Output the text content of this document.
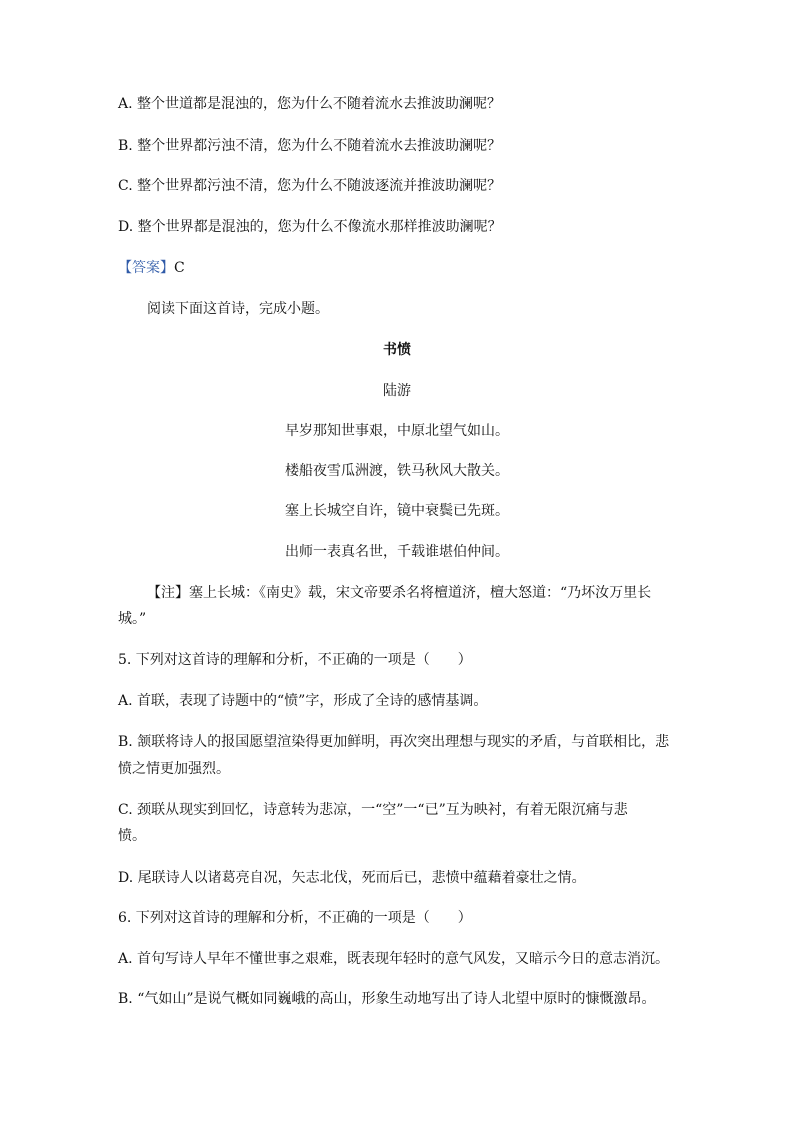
A. 整个世道都是混浊的，您为什么不随着流水去推波助澜呢？
B. 整个世界都污浊不清，您为什么不随着流水去推波助澜呢？
C. 整个世界都污浊不清，您为什么不随波逐流并推波助澜呢？
D. 整个世界都是混浊的，您为什么不像流水那样推波助澜呢？
【答案】C
阅读下面这首诗，完成小题。
书愤
陆游
早岁那知世事艰，中原北望气如山。
楼船夜雪瓜洲渡，铁马秋风大散关。
塞上长城空自许，镜中衰鬓已先斑。
出师一表真名世，千载谁堪伯仲间。
【注】塞上长城：《南史》载，宋文帝要杀名将檀道济，檀大怒道：“乃坏汝万里长
城。”
5. 下列对这首诗的理解和分析，不正确的一项是（　　）
A. 首联，表现了诗题中的“愤”字，形成了全诗的感情基调。
B. 颔联将诗人的报国愿望渲染得更加鲜明，再次突出理想与现实的矛盾，与首联相比，悲
愤之情更加强烈。
C. 颈联从现实到回忆，诗意转为悲凉，一“空”一“已”互为映衬，有着无限沉痛与悲
愤。
D. 尾联诗人以诸葛亮自况，矢志北伐，死而后已，悲愤中蕴藉着豪壮之情。
6. 下列对这首诗的理解和分析，不正确的一项是（　　）
A. 首句写诗人早年不懂世事之艰难，既表现年轻时的意气风发，又暗示今日的意志消沉。
B. “气如山”是说气概如同巍峨的高山，形象生动地写出了诗人北望中原时的慷慨激昂。
